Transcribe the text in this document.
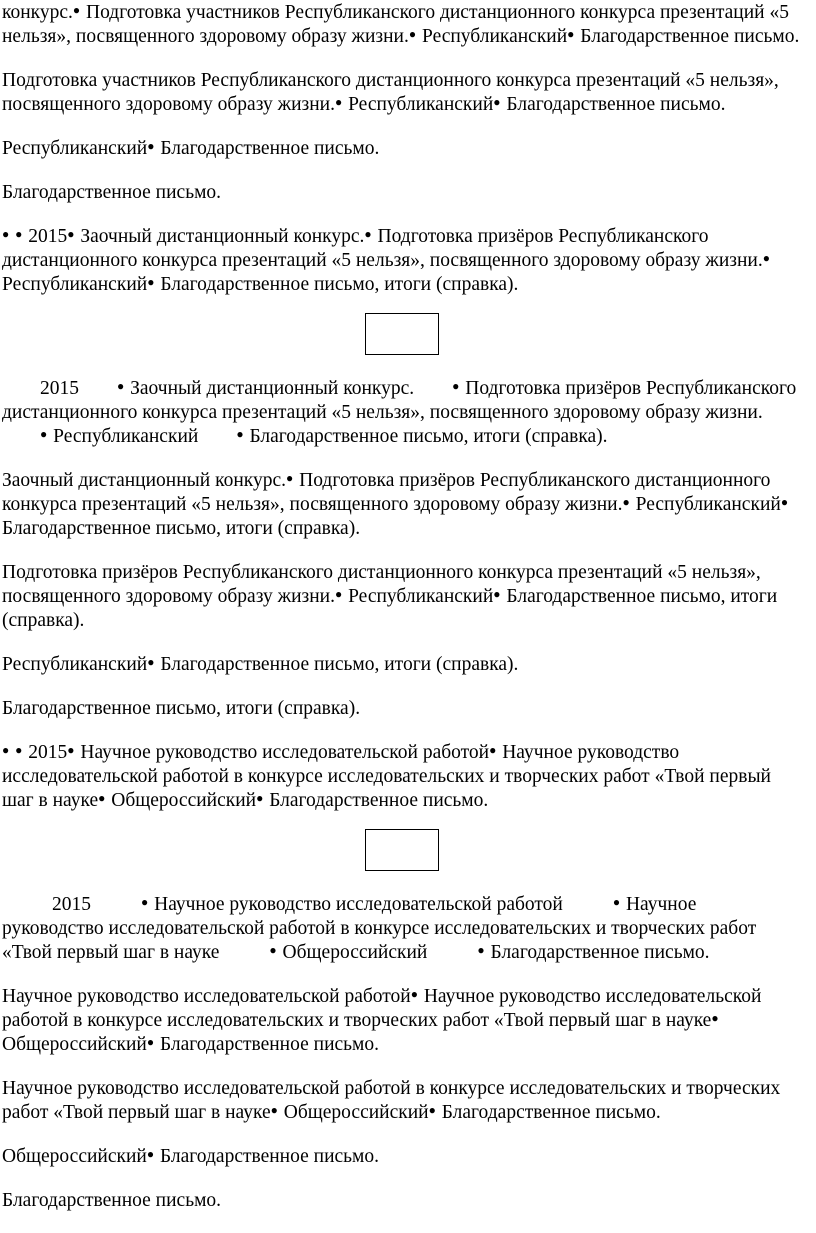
конкурс.● Подготовка участников Республиканского дистанционного конкурса презентаций «5 нельзя», посвященного здоровому образу жизни.● Республиканский● Благодарственное письмо.

Подготовка участников Республиканского дистанционного конкурса презентаций «5 нельзя», посвященного здоровому образу жизни.● Республиканский● Благодарственное письмо.

Республиканский● Благодарственное письмо.

Благодарственное письмо.

● ● 2015● Заочный дистанционный конкурс.● Подготовка призёров Республиканского дистанционного конкурса презентаций «5 нельзя», посвященного здоровому образу жизни.● Республиканский● Благодарственное письмо, итоги (справка).

2015	● Заочный дистанционный конкурс.	● Подготовка призёров Республиканского дистанционного конкурса презентаций «5 нельзя», посвященного здоровому образу жизни.● Республиканский	● Благодарственное письмо, итоги (справка).

Заочный дистанционный конкурс.● Подготовка призёров Республиканского дистанционного конкурса презентаций «5 нельзя», посвященного здоровому образу жизни.● Республиканский● Благодарственное письмо, итоги (справка).

Подготовка призёров Республиканского дистанционного конкурса презентаций «5 нельзя», посвященного здоровому образу жизни.● Республиканский● Благодарственное письмо, итоги (справка).

Республиканский● Благодарственное письмо, итоги (справка).

Благодарственное письмо, итоги (справка).

● ● 2015● Научное руководство исследовательской работой● Научное руководство исследовательской работой в конкурсе исследовательских и творческих работ «Твой первый шаг в науке● Общероссийский● Благодарственное письмо.

2015	● Научное руководство исследовательской работой	● Научное руководство исследовательской работой в конкурсе исследовательских и творческих работ «Твой первый шаг в науке	● Общероссийский	● Благодарственное письмо.

Научное руководство исследовательской работой● Научное руководство исследовательской работой в конкурсе исследовательских и творческих работ «Твой первый шаг в науке● Общероссийский● Благодарственное письмо.

Научное руководство исследовательской работой в конкурсе исследовательских и творческих работ «Твой первый шаг в науке● Общероссийский● Благодарственное письмо.

Общероссийский● Благодарственное письмо.

Благодарственное письмо.
